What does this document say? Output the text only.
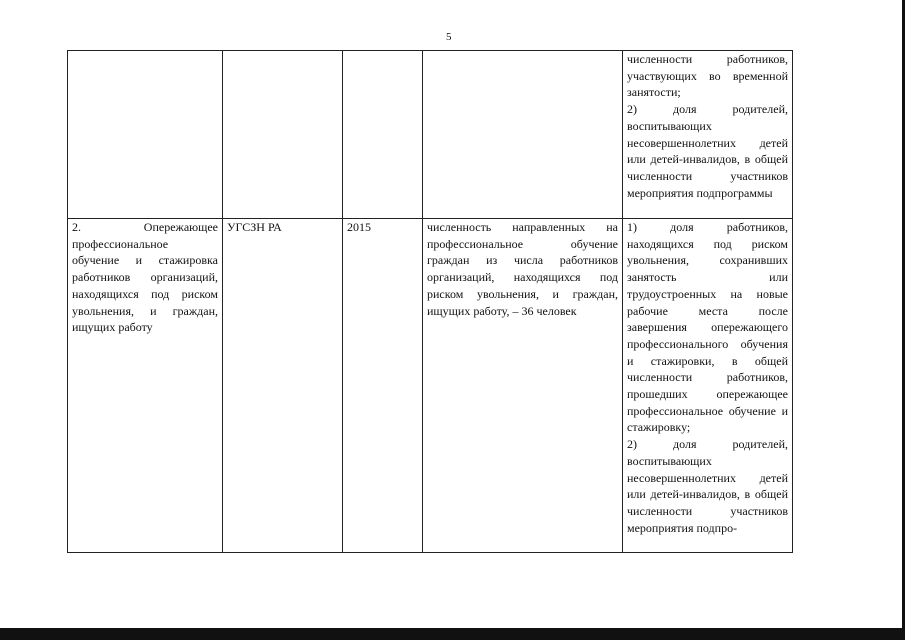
5

				численности работников, участвующих во временной занятости;
2) доля родителей, воспитывающих несовершеннолетних детей или детей-инвалидов, в общей численности участников мероприятия подпрограммы

2. Опережающее профессиональное обучение и стажировка работников организаций, находящихся под риском увольнения, и граждан, ищущих работу	УГСЗН РА	2015	численность направленных на профессиональное обучение граждан из числа работников организаций, находящихся под риском увольнения, и граждан, ищущих работу, – 36 человек	1) доля работников, находящихся под риском увольнения, сохранивших занятость или трудоустроенных на новые рабочие места после завершения опережающего профессионального обучения и стажировки, в общей численности работников, прошедших опережающее профессиональное обучение и стажировку;
2) доля родителей, воспитывающих несовершеннолетних детей или детей-инвалидов, в общей численности участников мероприятия подпро-
